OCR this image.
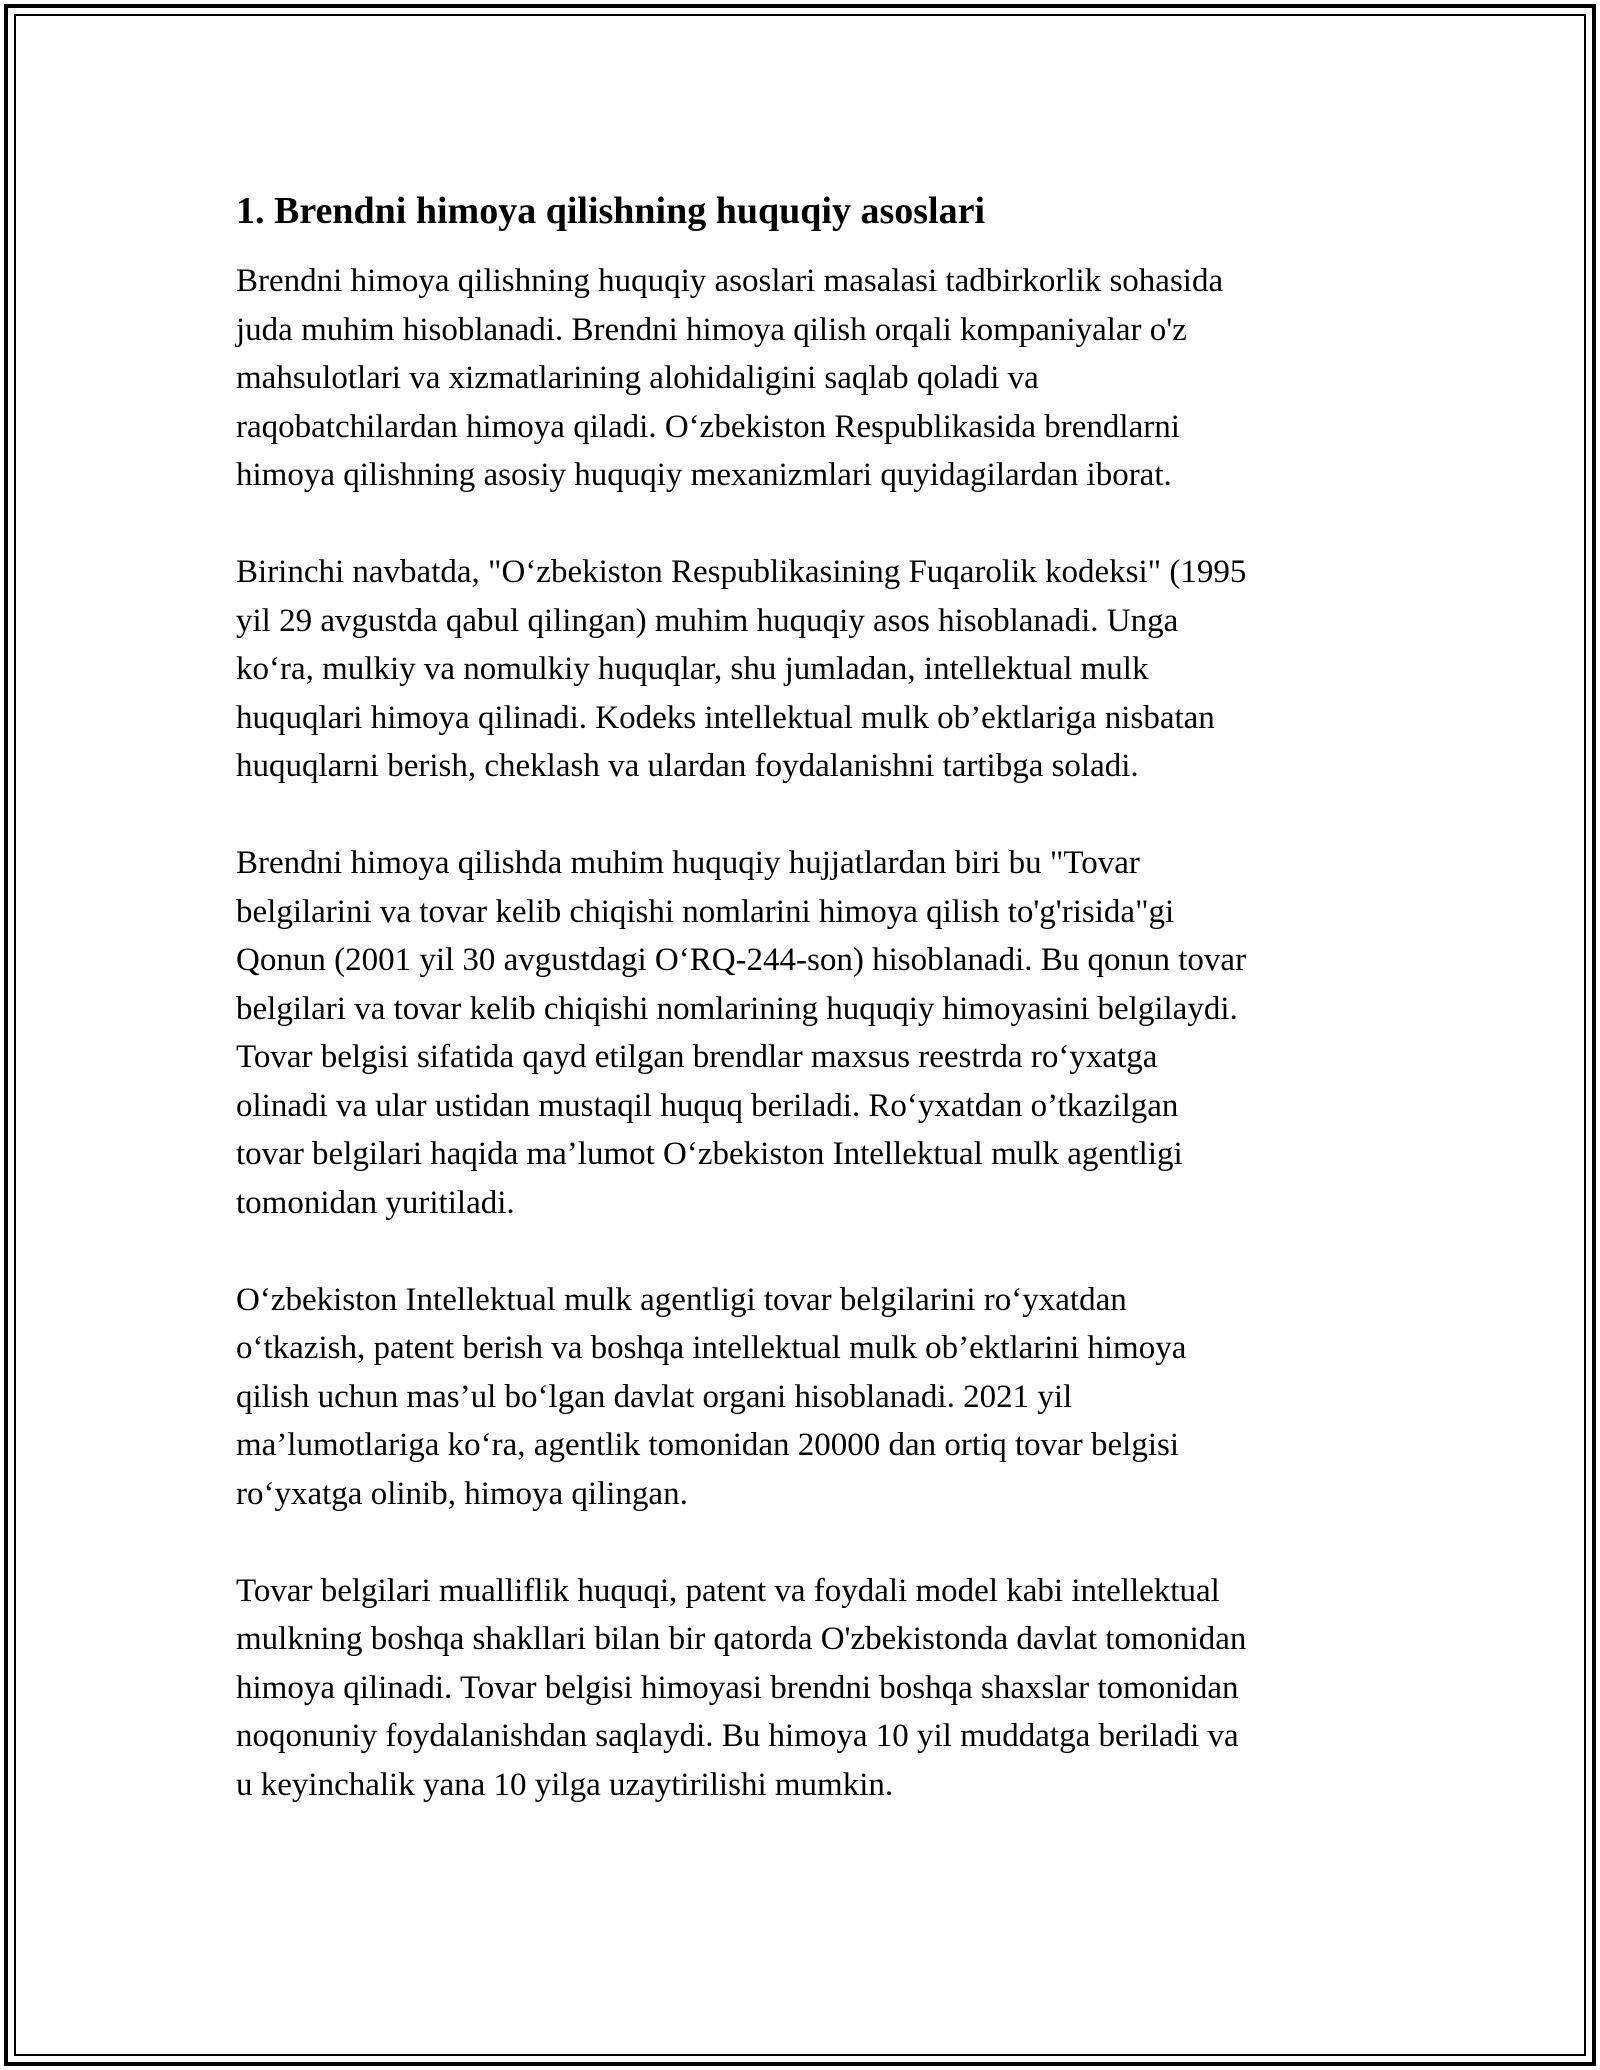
1. Brendni himoya qilishning huquqiy asoslari
Brendni himoya qilishning huquqiy asoslari masalasi tadbirkorlik sohasida
juda muhim hisoblanadi. Brendni himoya qilish orqali kompaniyalar o'z
mahsulotlari va xizmatlarining alohidaligini saqlab qoladi va
raqobatchilardan himoya qiladi. O‘zbekiston Respublikasida brendlarni
himoya qilishning asosiy huquqiy mexanizmlari quyidagilardan iborat.
Birinchi navbatda, "O‘zbekiston Respublikasining Fuqarolik kodeksi" (1995
yil 29 avgustda qabul qilingan) muhim huquqiy asos hisoblanadi. Unga
ko‘ra, mulkiy va nomulkiy huquqlar, shu jumladan, intellektual mulk
huquqlari himoya qilinadi. Kodeks intellektual mulk ob’ektlariga nisbatan
huquqlarni berish, cheklash va ulardan foydalanishni tartibga soladi.
Brendni himoya qilishda muhim huquqiy hujjatlardan biri bu "Tovar
belgilarini va tovar kelib chiqishi nomlarini himoya qilish to'g'risida"gi
Qonun (2001 yil 30 avgustdagi O‘RQ-244-son) hisoblanadi. Bu qonun tovar
belgilari va tovar kelib chiqishi nomlarining huquqiy himoyasini belgilaydi.
Tovar belgisi sifatida qayd etilgan brendlar maxsus reestrda ro‘yxatga
olinadi va ular ustidan mustaqil huquq beriladi. Ro‘yxatdan o’tkazilgan
tovar belgilari haqida ma’lumot O‘zbekiston Intellektual mulk agentligi
tomonidan yuritiladi.
O‘zbekiston Intellektual mulk agentligi tovar belgilarini ro‘yxatdan
o‘tkazish, patent berish va boshqa intellektual mulk ob’ektlarini himoya
qilish uchun mas’ul bo‘lgan davlat organi hisoblanadi. 2021 yil
ma’lumotlariga ko‘ra, agentlik tomonidan 20000 dan ortiq tovar belgisi
ro‘yxatga olinib, himoya qilingan.
Tovar belgilari mualliflik huquqi, patent va foydali model kabi intellektual
mulkning boshqa shakllari bilan bir qatorda O'zbekistonda davlat tomonidan
himoya qilinadi. Tovar belgisi himoyasi brendni boshqa shaxslar tomonidan
noqonuniy foydalanishdan saqlaydi. Bu himoya 10 yil muddatga beriladi va
u keyinchalik yana 10 yilga uzaytirilishi mumkin.
